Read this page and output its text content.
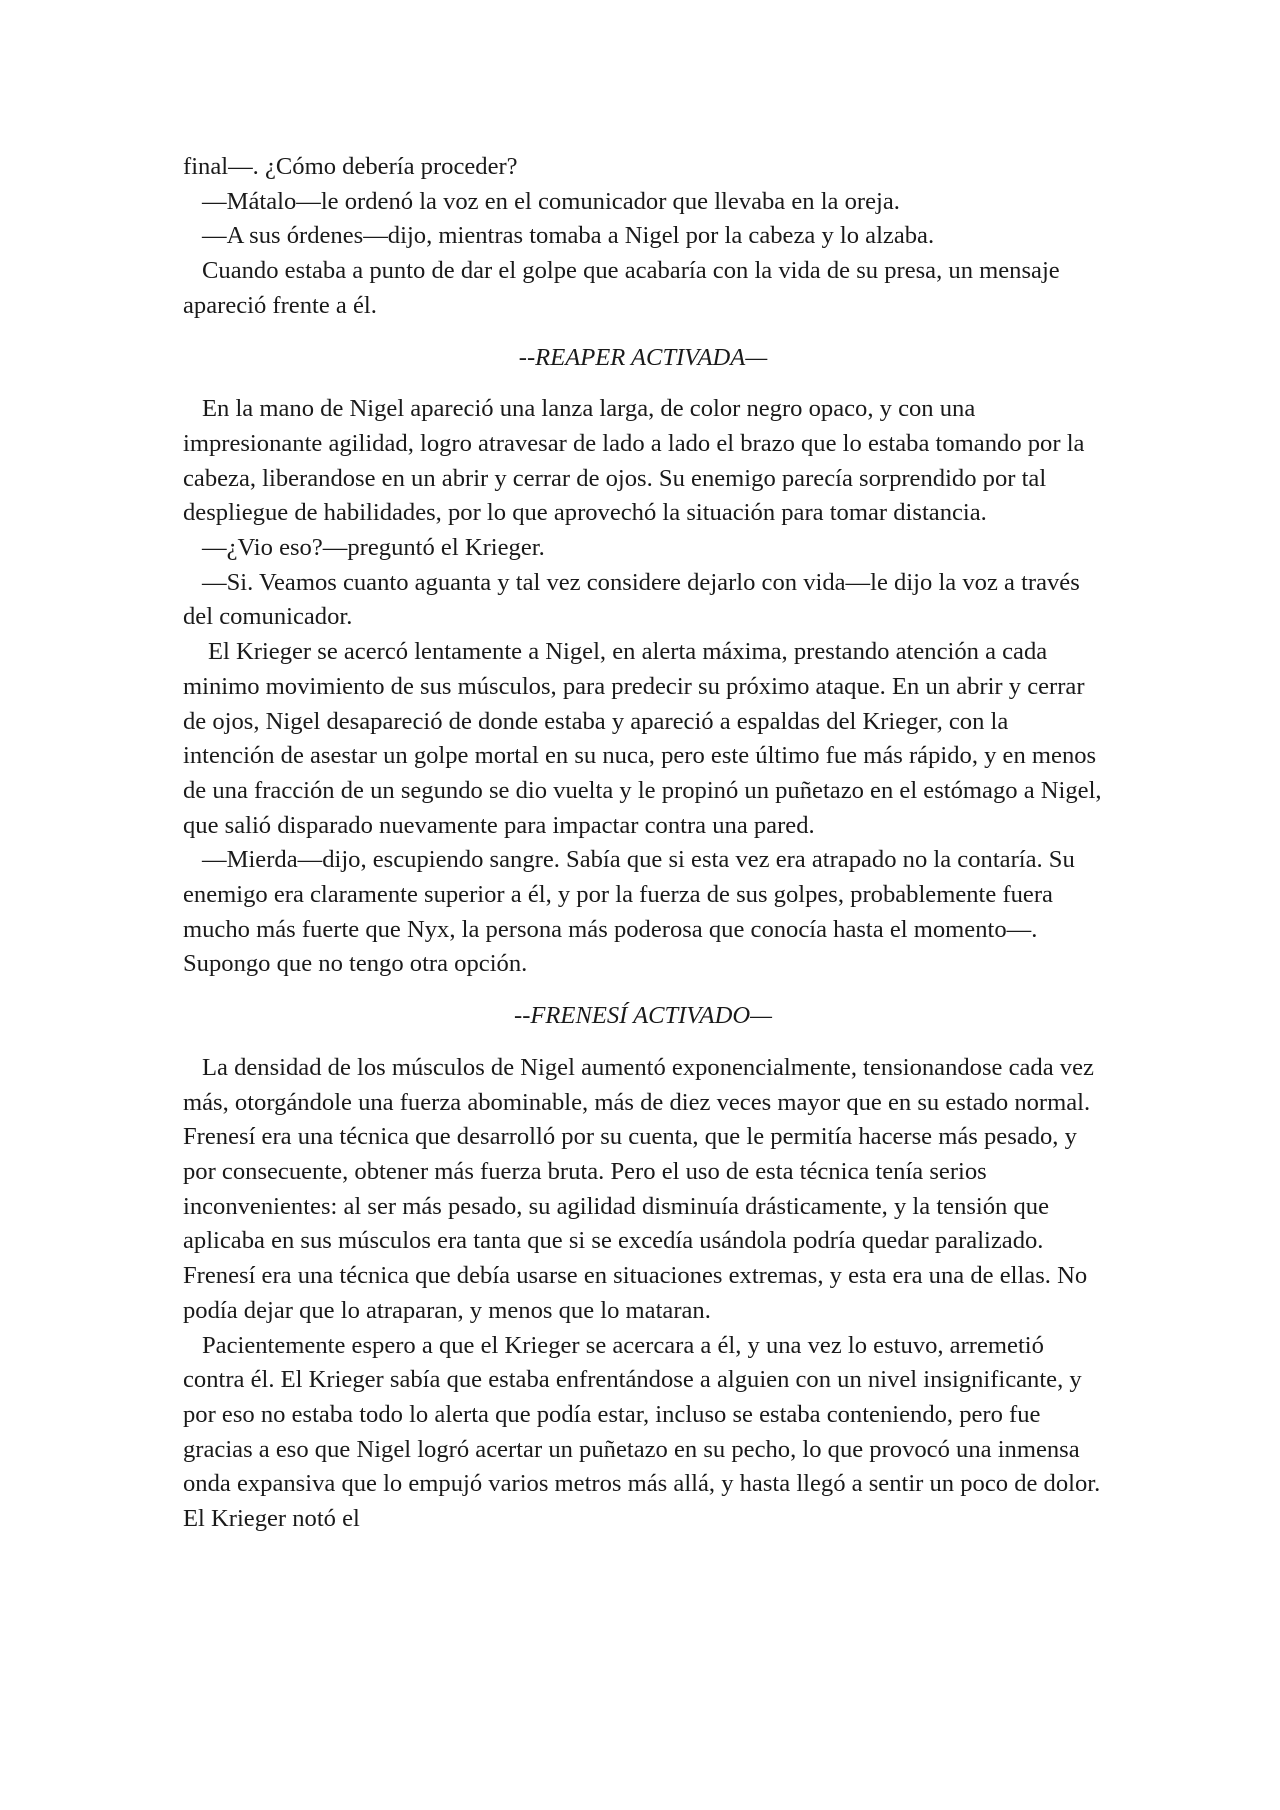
final—. ¿Cómo debería proceder?

—Mátalo—le ordenó la voz en el comunicador que llevaba en la oreja.

—A sus órdenes—dijo, mientras tomaba a Nigel por la cabeza y lo alzaba.

Cuando estaba a punto de dar el golpe que acabaría con la vida de su presa, un mensaje apareció frente a él.

--REAPER ACTIVADA—

En la mano de Nigel apareció una lanza larga, de color negro opaco, y con una impresionante agilidad, logro atravesar de lado a lado el brazo que lo estaba tomando por la cabeza, liberandose en un abrir y cerrar de ojos. Su enemigo parecía sorprendido por tal despliegue de habilidades, por lo que aprovechó la situación para tomar distancia.

—¿Vio eso?—preguntó el Krieger.

—Si. Veamos cuanto aguanta y tal vez considere dejarlo con vida—le dijo la voz a través del comunicador.

El Krieger se acercó lentamente a Nigel, en alerta máxima, prestando atención a cada minimo movimiento de sus músculos, para predecir su próximo ataque. En un abrir y cerrar de ojos, Nigel desapareció de donde estaba y apareció a espaldas del Krieger, con la intención de asestar un golpe mortal en su nuca, pero este último fue más rápido, y en menos de una fracción de un segundo se dio vuelta y le propinó un puñetazo en el estómago a Nigel, que salió disparado nuevamente para impactar contra una pared.

—Mierda—dijo, escupiendo sangre. Sabía que si esta vez era atrapado no la contaría. Su enemigo era claramente superior a él, y por la fuerza de sus golpes, probablemente fuera mucho más fuerte que Nyx, la persona más poderosa que conocía hasta el momento—. Supongo que no tengo otra opción.

--FRENESÍ ACTIVADO—

La densidad de los músculos de Nigel aumentó exponencialmente, tensionandose cada vez más, otorgándole una fuerza abominable, más de diez veces mayor que en su estado normal. Frenesí era una técnica que desarrolló por su cuenta, que le permitía hacerse más pesado, y por consecuente, obtener más fuerza bruta. Pero el uso de esta técnica tenía serios inconvenientes: al ser más pesado, su agilidad disminuía drásticamente, y la tensión que aplicaba en sus músculos era tanta que si se excedía usándola podría quedar paralizado. Frenesí era una técnica que debía usarse en situaciones extremas, y esta era una de ellas. No podía dejar que lo atraparan, y menos que lo mataran.

Pacientemente espero a que el Krieger se acercara a él, y una vez lo estuvo, arremetió contra él. El Krieger sabía que estaba enfrentándose a alguien con un nivel insignificante, y por eso no estaba todo lo alerta que podía estar, incluso se estaba conteniendo, pero fue gracias a eso que Nigel logró acertar un puñetazo en su pecho, lo que provocó una inmensa onda expansiva que lo empujó varios metros más allá, y hasta llegó a sentir un poco de dolor. El Krieger notó el
